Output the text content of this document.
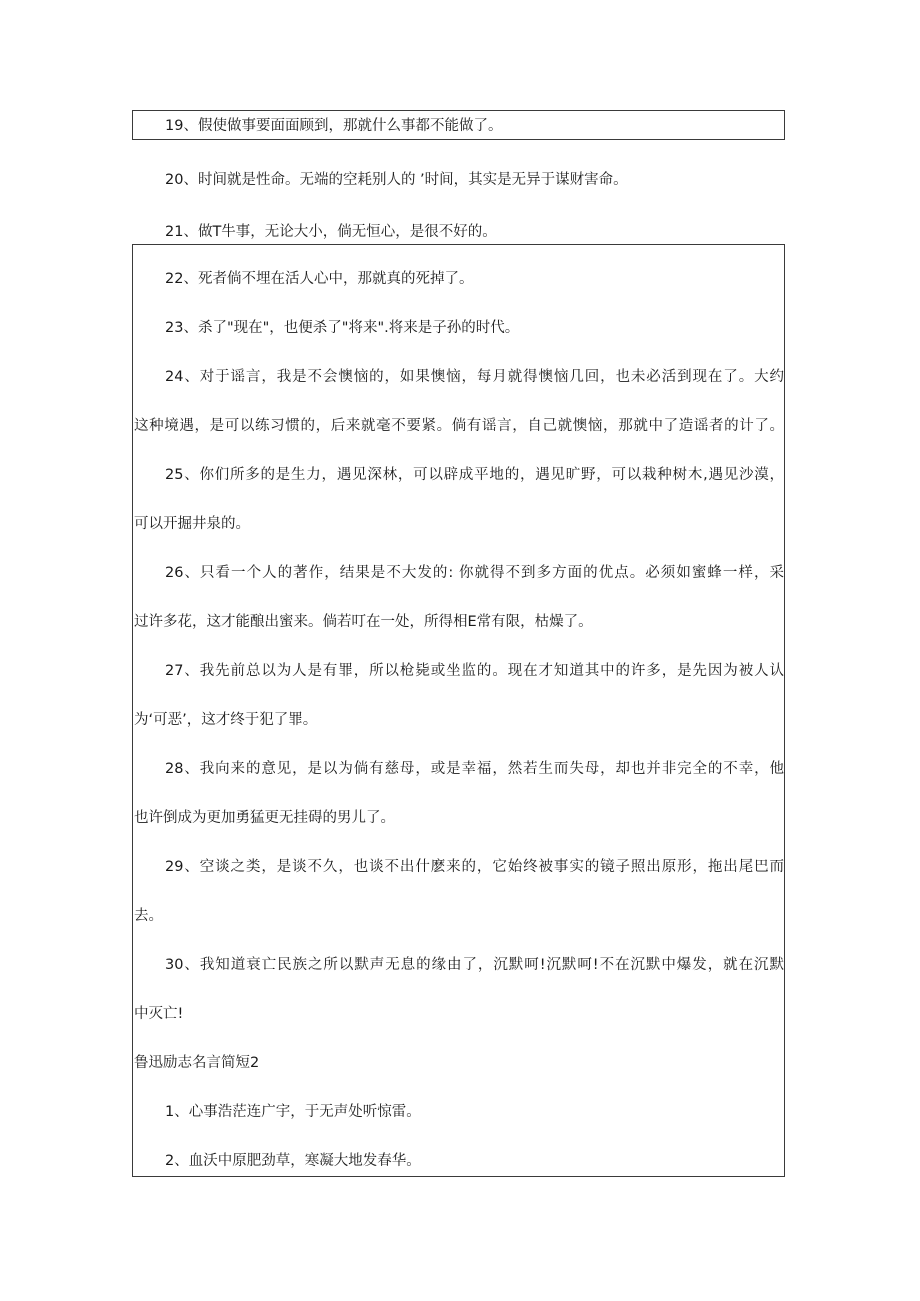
19、假使做事要面面顾到，那就什么事都不能做了。
20、时间就是性命。无端的空耗别人的 ’时间，其实是无异于谋财害命。
21、做T牛事，无论大小，倘无恒心，是很不好的。
22、死者倘不埋在活人心中，那就真的死掉了。
23、杀了"现在"，也便杀了"将来".将来是子孙的时代。
24、对于谣言，我是不会懊恼的，如果懊恼，每月就得懊恼几回，也未必活到现在了。大约
这种境遇，是可以练习惯的，后来就毫不要紧。倘有谣言，自己就懊恼，那就中了造谣者的计了。
25、你们所多的是生力，遇见深林，可以辟成平地的，遇见旷野，可以栽种树木,遇见沙漠，
可以开掘井泉的。
26、只看一个人的著作，结果是不大发的: 你就得不到多方面的优点。必须如蜜蜂一样，采
过许多花，这才能酿出蜜来。倘若叮在一处，所得相E常有限，枯燥了。
27、我先前总以为人是有罪，所以枪毙或坐监的。现在才知道其中的许多，是先因为被人认
为‘可恶’，这才终于犯了罪。
28、我向来的意见，是以为倘有慈母，或是幸福，然若生而失母，却也并非完全的不幸，他
也许倒成为更加勇猛更无挂碍的男儿了。
29、空谈之类，是谈不久，也谈不出什麽来的，它始终被事实的镜子照出原形，拖出尾巴而
去。
30、我知道衰亡民族之所以默声无息的缘由了，沉默呵!沉默呵!不在沉默中爆发，就在沉默
中灭亡!
鲁迅励志名言简短2
1、心事浩茫连广宇，于无声处听惊雷。
2、血沃中原肥劲草，寒凝大地发春华。
